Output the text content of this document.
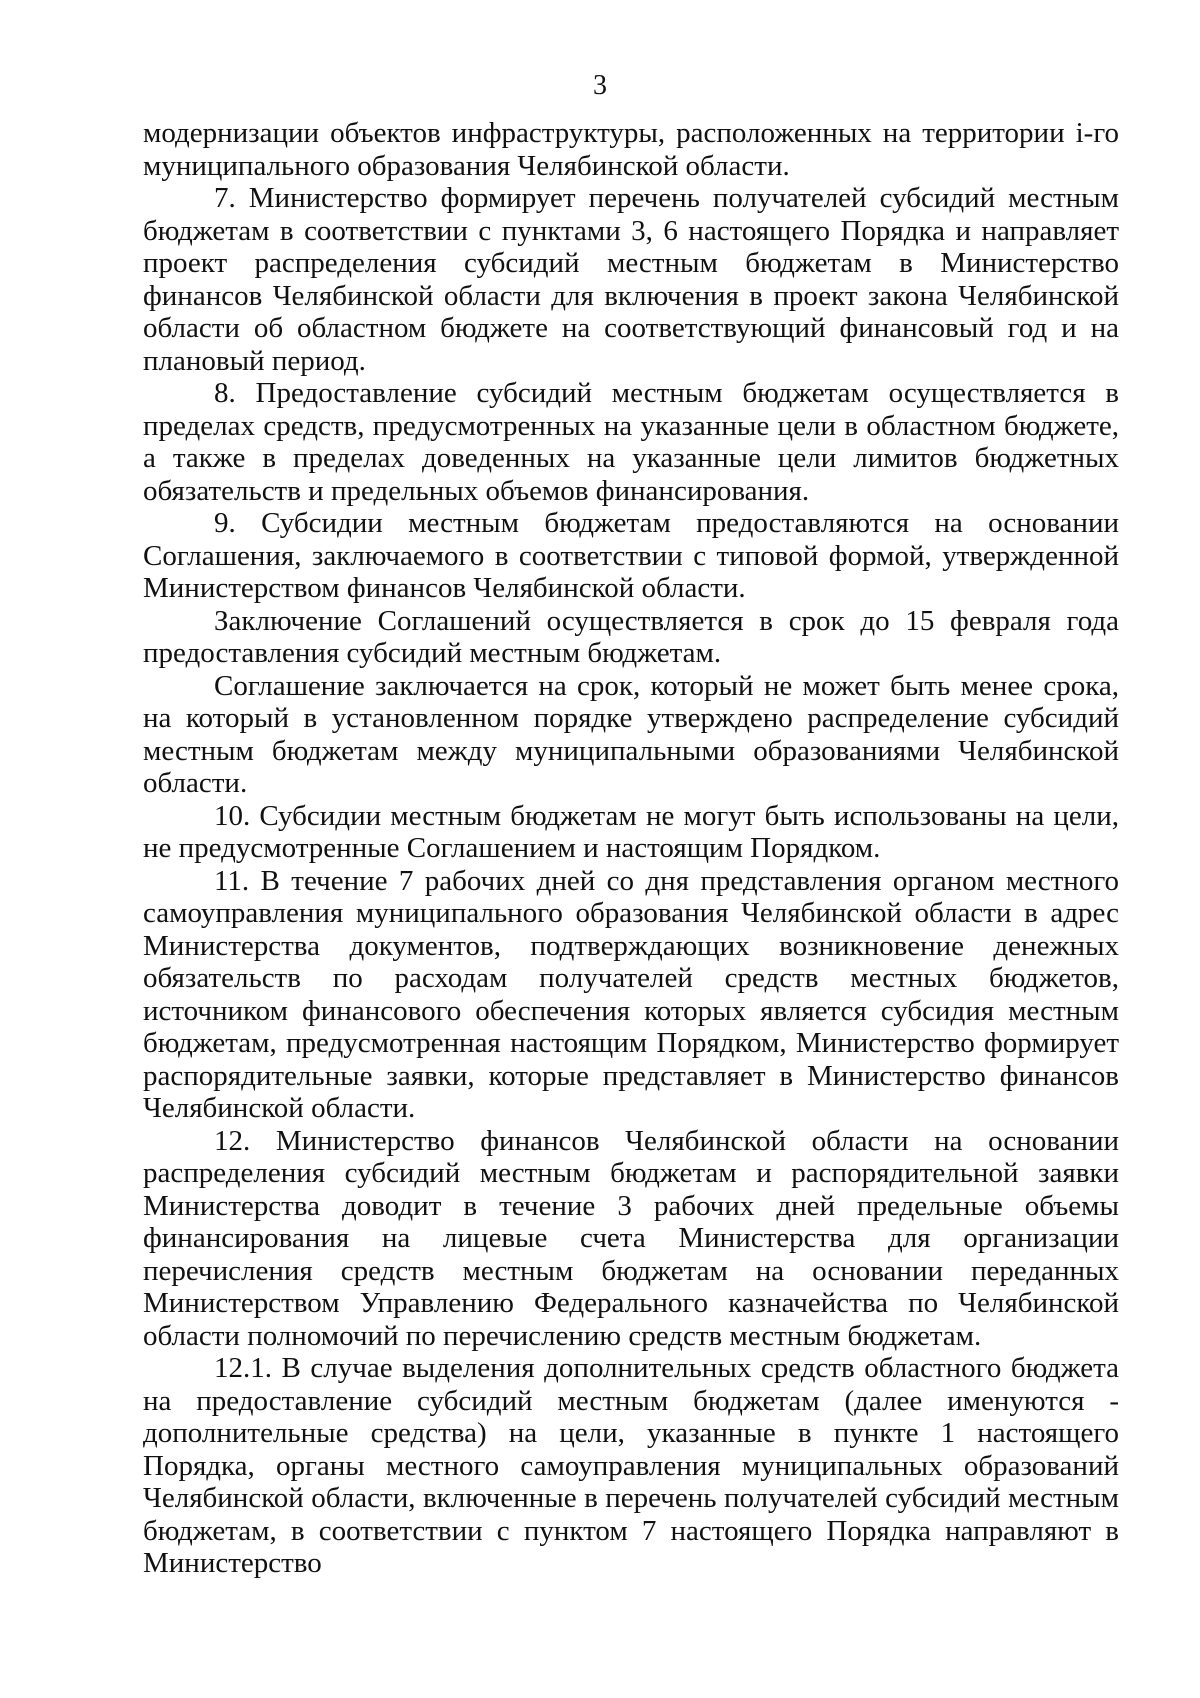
3

модернизации объектов инфраструктуры, расположенных на территории i-го муниципального образования Челябинской области.

7. Министерство формирует перечень получателей субсидий местным бюджетам в соответствии с пунктами 3, 6 настоящего Порядка и направляет проект распределения субсидий местным бюджетам в Министерство финансов Челябинской области для включения в проект закона Челябинской области об областном бюджете на соответствующий финансовый год и на плановый период.

8. Предоставление субсидий местным бюджетам осуществляется в пределах средств, предусмотренных на указанные цели в областном бюджете, а также в пределах доведенных на указанные цели лимитов бюджетных обязательств и предельных объемов финансирования.

9. Субсидии местным бюджетам предоставляются на основании Соглашения, заключаемого в соответствии с типовой формой, утвержденной Министерством финансов Челябинской области.

Заключение Соглашений осуществляется в срок до 15 февраля года предоставления субсидий местным бюджетам.

Соглашение заключается на срок, который не может быть менее срока, на который в установленном порядке утверждено распределение субсидий местным бюджетам между муниципальными образованиями Челябинской области.

10. Субсидии местным бюджетам не могут быть использованы на цели, не предусмотренные Соглашением и настоящим Порядком.

11. В течение 7 рабочих дней со дня представления органом местного самоуправления муниципального образования Челябинской области в адрес Министерства документов, подтверждающих возникновение денежных обязательств по расходам получателей средств местных бюджетов, источником финансового обеспечения которых является субсидия местным бюджетам, предусмотренная настоящим Порядком, Министерство формирует распорядительные заявки, которые представляет в Министерство финансов Челябинской области.

12. Министерство финансов Челябинской области на основании распределения субсидий местным бюджетам и распорядительной заявки Министерства доводит в течение 3 рабочих дней предельные объемы финансирования на лицевые счета Министерства для организации перечисления средств местным бюджетам на основании переданных Министерством Управлению Федерального казначейства по Челябинской области полномочий по перечислению средств местным бюджетам.

12.1. В случае выделения дополнительных средств областного бюджета на предоставление субсидий местным бюджетам (далее именуются - дополнительные средства) на цели, указанные в пункте 1 настоящего Порядка, органы местного самоуправления муниципальных образований Челябинской области, включенные в перечень получателей субсидий местным бюджетам, в соответствии с пунктом 7 настоящего Порядка направляют в Министерство
